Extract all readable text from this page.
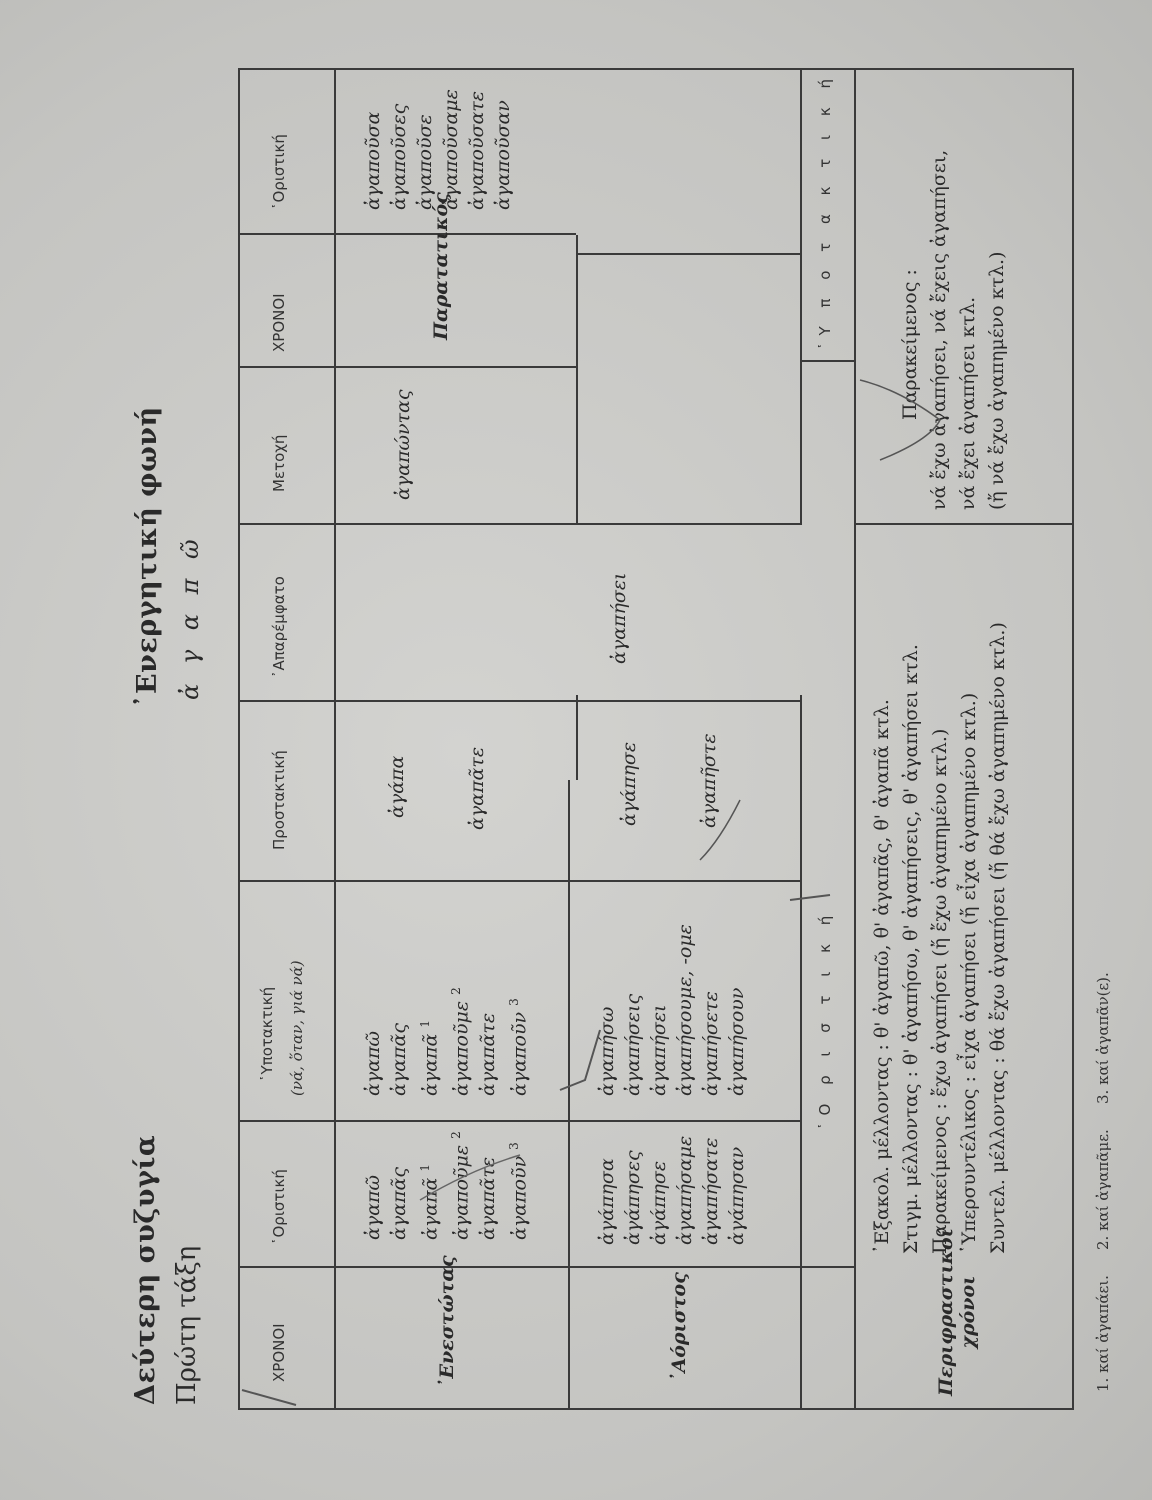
Δεύτερη συζυγία Πρώτη τάξη
᾿Ενεργητική φωνή ἀ γ α π ῶ
ΧΡΟΝΟΙ
῾Οριστική
῾Υποτακτική (νά, ὅταν, γιά νά)
Προστακτική
᾿Απαρέμφατο
Μετοχή
ΧΡΟΝΟΙ
῾Οριστική
᾿Ενεστώτας
ἀγαπῶ ἀγαπᾶς ἀγαπᾶ $^1$ ἀγαποῦμε $^2$
ἀγαπᾶτε ἀγαποῦν $^3$
ἀγαπῶ ἀγαπᾶς ἀγαπᾶ $^1$ ἀγαποῦμε $^2$
ἀγαπᾶτε ἀγαποῦν $^3$
ἀγάπα	ἀγαπᾶτε
ἀγαπώντας
᾿Αόριστος
ἀγάπησα ἀγάπησες ἀγάπησε ἀγαπήσαμε ἀγαπήσατε ἀγάπησαν
ἀγαπήσω ἀγαπήσεις ἀγαπήσει ἀγαπήσουμε, -ομε ἀγαπήσετε ἀγαπήσουν
ἀγάπησε	ἀγαπῆστε
ἀγαπήσει
Παρατατικός
ἀγαποῦσα ἀγαποῦσες ἀγαποῦσε ἀγαποῦσαμε ἀγαποῦσατε ἀγαποῦσαν
῾Ο ρ ι σ τ ι κ ή
῾Υ π ο τ α κ τ ι κ ή
Περιφραστικοί χρόνοι
᾿Εξακολ. μέλλοντας : θ' ἀγαπῶ, θ' ἀγαπᾶς, θ' ἀγαπᾶ κτλ. Στιγμ. μέλλοντας : θ' ἀγαπήσω, θ' ἀγαπήσεις, θ' ἀγαπήσει κτλ. Παρακείμενος : ἔχω ἀγαπήσει (ἤ ἔχω ἀγαπημένο κτλ.) ῾Υπερσυντέλικος : εἶχα ἀγαπήσει (ἤ εἶχα ἀγαπημένο κτλ.) Συντελ. μέλλοντας : θά ἔχω ἀγαπήσει (ἤ θά ἔχω ἀγαπημένο κτλ.)
Παρακείμενος : νά ἔχω ἀγαπήσει, νά ἔχεις ἀγαπήσει, νά ἔχει ἀγαπήσει κτλ. (ἤ νά ἔχω ἀγαπημένο κτλ.)
1. καί ἀγαπάει.
2. καί ἀγαπᾶμε.
3. καί ἀγαπᾶν(ε).
